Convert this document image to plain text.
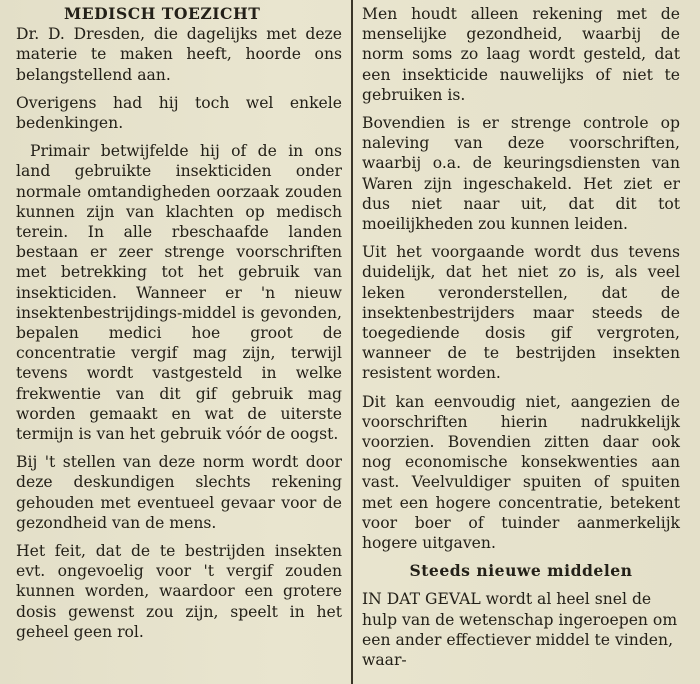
MEDISCH TOEZICHT

Dr. D. Dresden, die dagelijks met deze materie te maken heeft, hoorde ons belangstellend aan.

Overigens had hij toch wel enkele bedenkingen.

Primair betwijfelde hij of de in ons land gebruikte insekticiden onder normale omtandigheden oorzaak zouden kunnen zijn van klachten op medisch terein. In alle rbeschaafde landen bestaan er zeer strenge voorschriften met betrekking tot het gebruik van insekticiden. Wanneer er 'n nieuw insektenbestrijdings-middel is gevonden, bepalen medici hoe groot de concentratie vergif mag zijn, terwijl tevens wordt vastgesteld in welke frekwentie van dit gif gebruik mag worden gemaakt en wat de uiterste termijn is van het gebruik vóór de oogst.

Bij 't stellen van deze norm wordt door deze deskundigen slechts rekening gehouden met eventueel gevaar voor de gezondheid van de mens.

Het feit, dat de te bestrijden insekten evt. ongevoelig voor 't vergif zouden kunnen worden, waardoor een grotere dosis gewenst zou zijn, speelt in het geheel geen rol.

Men houdt alleen rekening met de menselijke gezondheid, waarbij de norm soms zo laag wordt gesteld, dat een insekticide nauwelijks of niet te gebruiken is.

Bovendien is er strenge controle op naleving van deze voorschriften, waarbij o.a. de keuringsdiensten van Waren zijn ingeschakeld. Het ziet er dus niet naar uit, dat dit tot moeilijkheden zou kunnen leiden.

Uit het voorgaande wordt dus tevens duidelijk, dat het niet zo is, als veel leken veronderstellen, dat de insektenbestrijders maar steeds de toegediende dosis gif vergroten, wanneer de te bestrijden insekten resistent worden.

Dit kan eenvoudig niet, aangezien de voorschriften hierin nadrukkelijk voorzien. Bovendien zitten daar ook nog economische konsekwenties aan vast. Veelvuldiger spuiten of spuiten met een hogere concentratie, betekent voor boer of tuinder aanmerkelijk hogere uitgaven.

Steeds nieuwe middelen

IN DAT GEVAL wordt al heel snel de hulp van de wetenschap ingeroepen om een ander effectiever middel te vinden, waar-
